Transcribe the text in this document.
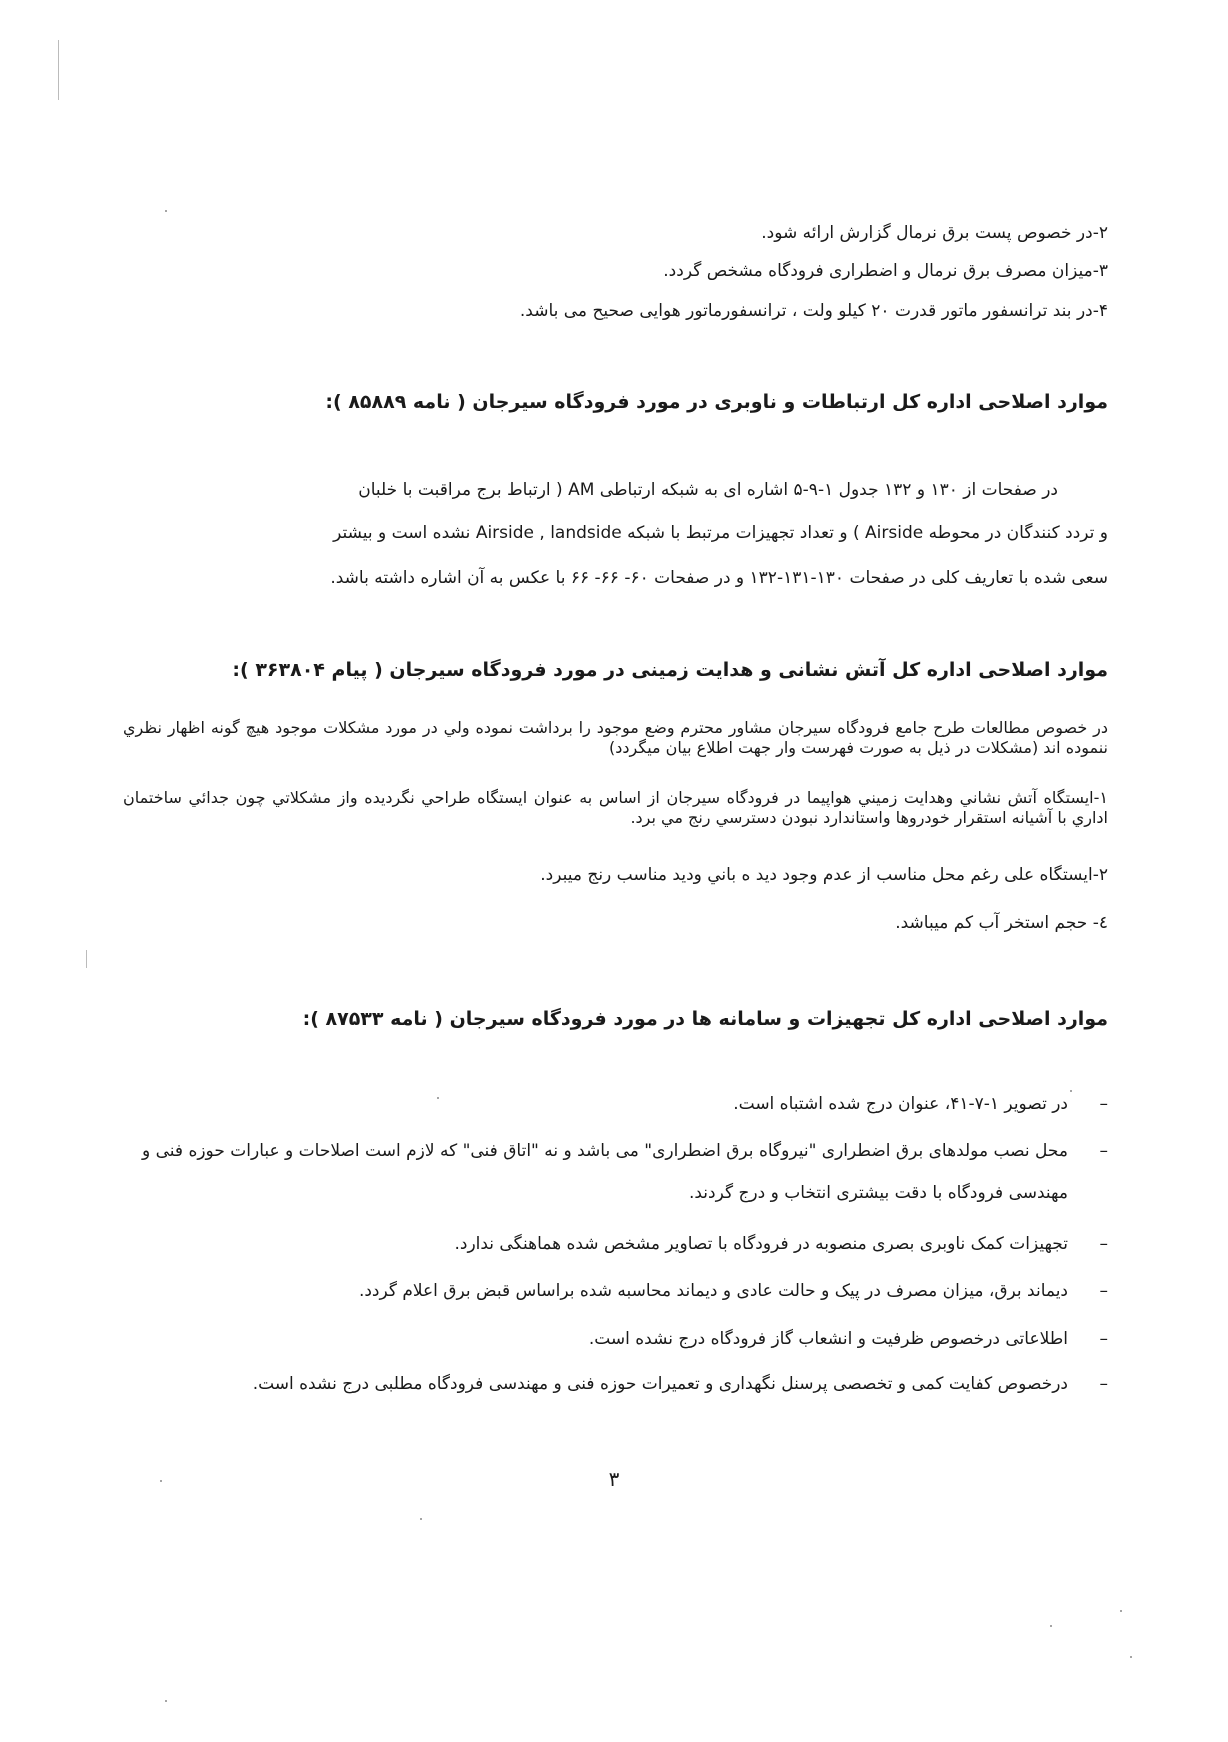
۲-در خصوص پست برق نرمال گزارش ارائه شود.
۳-میزان مصرف برق نرمال و اضطراری فرودگاه مشخص گردد.
۴-در بند ترانسفور ماتور قدرت ۲۰ کیلو ولت ، ترانسفورماتور هوایی صحیح می باشد.
موارد اصلاحی اداره کل ارتباطات و ناوبری در مورد فرودگاه سیرجان ( نامه ۸۵۸۸۹ ):
در صفحات از ۱۳۰ و ۱۳۲ جدول ۱-۹-۵ اشاره ای به شبکه ارتباطی AM ( ارتباط برج مراقبت با خلبان
و تردد کنندگان در محوطه Airside ) و تعداد تجهیزات مرتبط با شبکه Airside , landside نشده است و بیشتر
سعی شده با تعاریف کلی در صفحات ۱۳۰-۱۳۱-۱۳۲ و در صفحات ۶۰- ۶۶- ۶۶ با عکس به آن اشاره داشته باشد.
موارد اصلاحی اداره کل آتش نشانی و هدایت زمینی در مورد فرودگاه سیرجان ( پیام ۳۶۳۸۰۴ ):
در خصوص مطالعات طرح جامع فرودگاه سیرجان مشاور محترم وضع موجود را برداشت نموده ولي در مورد مشکلات موجود هیچ گونه اظهار نظري ننموده اند (مشکلات در ذیل به صورت فهرست وار جهت اطلاع بیان میگردد)
۱-ایستگاه آتش نشاني وهدایت زمیني هواپیما در فرودگاه سیرجان از اساس به عنوان ایستگاه طراحي نگردیده واز مشکلاتي چون جدائي ساختمان اداري با آشیانه استقرار خودروها واستاندارد نبودن دسترسي رنج مي برد.
۲-ایستگاه علی رغم محل مناسب از عدم وجود دید ه باني ودید مناسب رنج میبرد.
٤- حجم استخر آب کم میباشد.
موارد اصلاحی اداره کل تجهیزات و سامانه ها در مورد فرودگاه سیرجان ( نامه ۸۷۵۳۳ ):
–
در تصویر ۱-۷-۴۱، عنوان درج شده اشتباه است.
–
محل نصب مولدهای برق اضطراری "نیروگاه برق اضطراری" می باشد و نه "اتاق فنی" که لازم است اصلاحات و عبارات حوزه فنی و مهندسی فرودگاه با دقت بیشتری انتخاب و درج گردند.
–
تجهیزات کمک ناوبری بصری منصوبه در فرودگاه با تصاویر مشخص شده هماهنگی ندارد.
–
دیماند برق، میزان مصرف در پیک و حالت عادی و دیماند محاسبه شده براساس قبض برق اعلام گردد.
–
اطلاعاتی درخصوص ظرفیت و انشعاب گاز فرودگاه درج نشده است.
–
درخصوص کفایت کمی و تخصصی پرسنل نگهداری و تعمیرات حوزه فنی و مهندسی فرودگاه مطلبی درج نشده است.
۳
